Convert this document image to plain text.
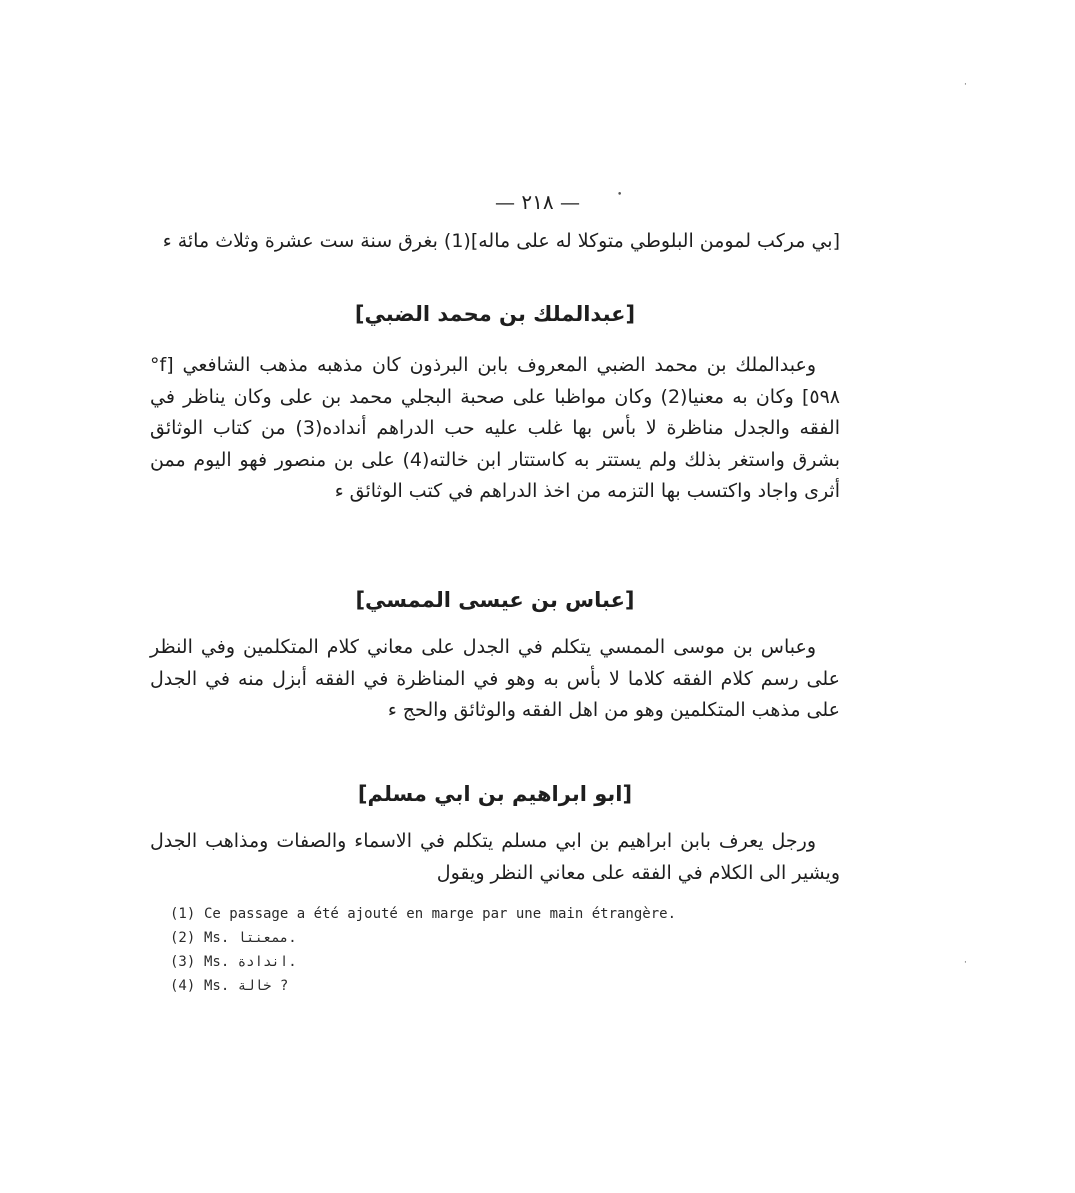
— ٢١٨ —

[بي مركب لمومن البلوطي متوكلا له على ماله](1) بغرق سنة ست عشرة وثلاث مائة ء

[عبدالملك بن محمد الضبي]

وعبدالملك بن محمد الضبي المعروف بابن البرذون كان مذهبه مذهب الشافعي [f° ٥٩٨] وكان به معنيا(2) وكان مواظبا على صحبة البجلي محمد بن على وكان يناظر في الفقه والجدل مناظرة لا بأس بها غلب عليه حب الدراهم أنداده(3) من كتاب الوثائق بشرق واستغر بذلك ولم يستتر به كاستتار ابن خالته(4) على بن منصور فهو اليوم ممن أثرى واجاد واكتسب بها التزمه من اخذ الدراهم في كتب الوثائق ء

[عباس بن عيسى الممسي]

وعباس بن موسى الممسي يتكلم في الجدل على معاني كلام المتكلمين وفي النظر على رسم كلام الفقه كلاما لا بأس به وهو في المناظرة في الفقه أبزل منه في الجدل على مذهب المتكلمين وهو من اهل الفقه والوثائق والحج ء

[ابو ابراهيم بن ابي مسلم]

ورجل يعرف بابن ابراهيم بن ابي مسلم يتكلم في الاسماء والصفات ومذاهب الجدل ويشير الى الكلام في الفقه على معاني النظر ويقول

(1) Ce passage a été ajouté en marge par une main étrangère.
(2) Ms. ممعنتا.
(3) Ms. اندادة.
(4) Ms. خالة ?
•
·
·
